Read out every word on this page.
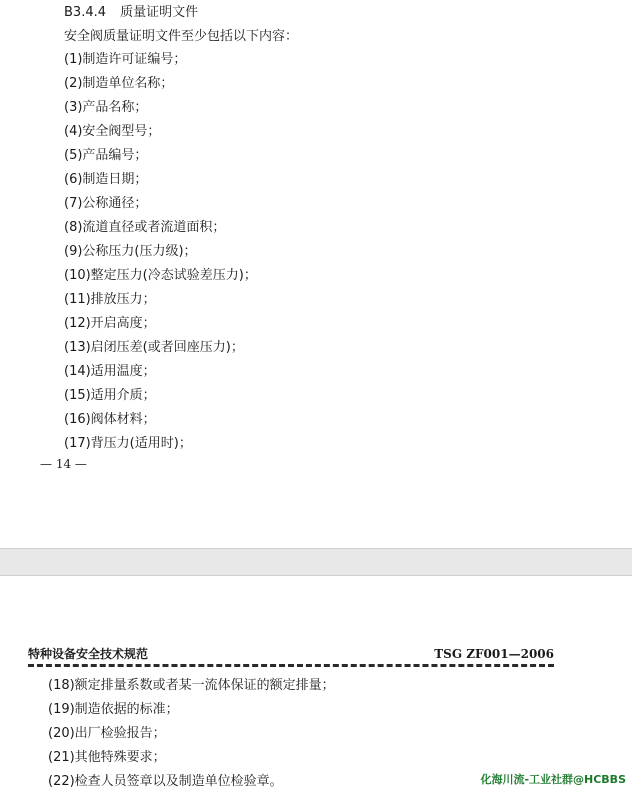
B3.4.4 质量证明文件
安全阀质量证明文件至少包括以下内容：
(1)制造许可证编号；
(2)制造单位名称；
(3)产品名称；
(4)安全阀型号；
(5)产品编号；
(6)制造日期；
(7)公称通径；
(8)流道直径或者流道面积；
(9)公称压力(压力级)；
(10)整定压力(冷态试验差压力)；
(11)排放压力；
(12)开启高度；
(13)启闭压差(或者回座压力)；
(14)适用温度；
(15)适用介质；
(16)阀体材料；
(17)背压力(适用时)；
— 14 —
特种设备安全技术规范	TSG ZF001—2006
(18)额定排量系数或者某一流体保证的额定排量；
(19)制造依据的标准；
(20)出厂检验报告；
(21)其他特殊要求；
(22)检查人员签章以及制造单位检验章。	化海川流-工业社群@HCBBS
